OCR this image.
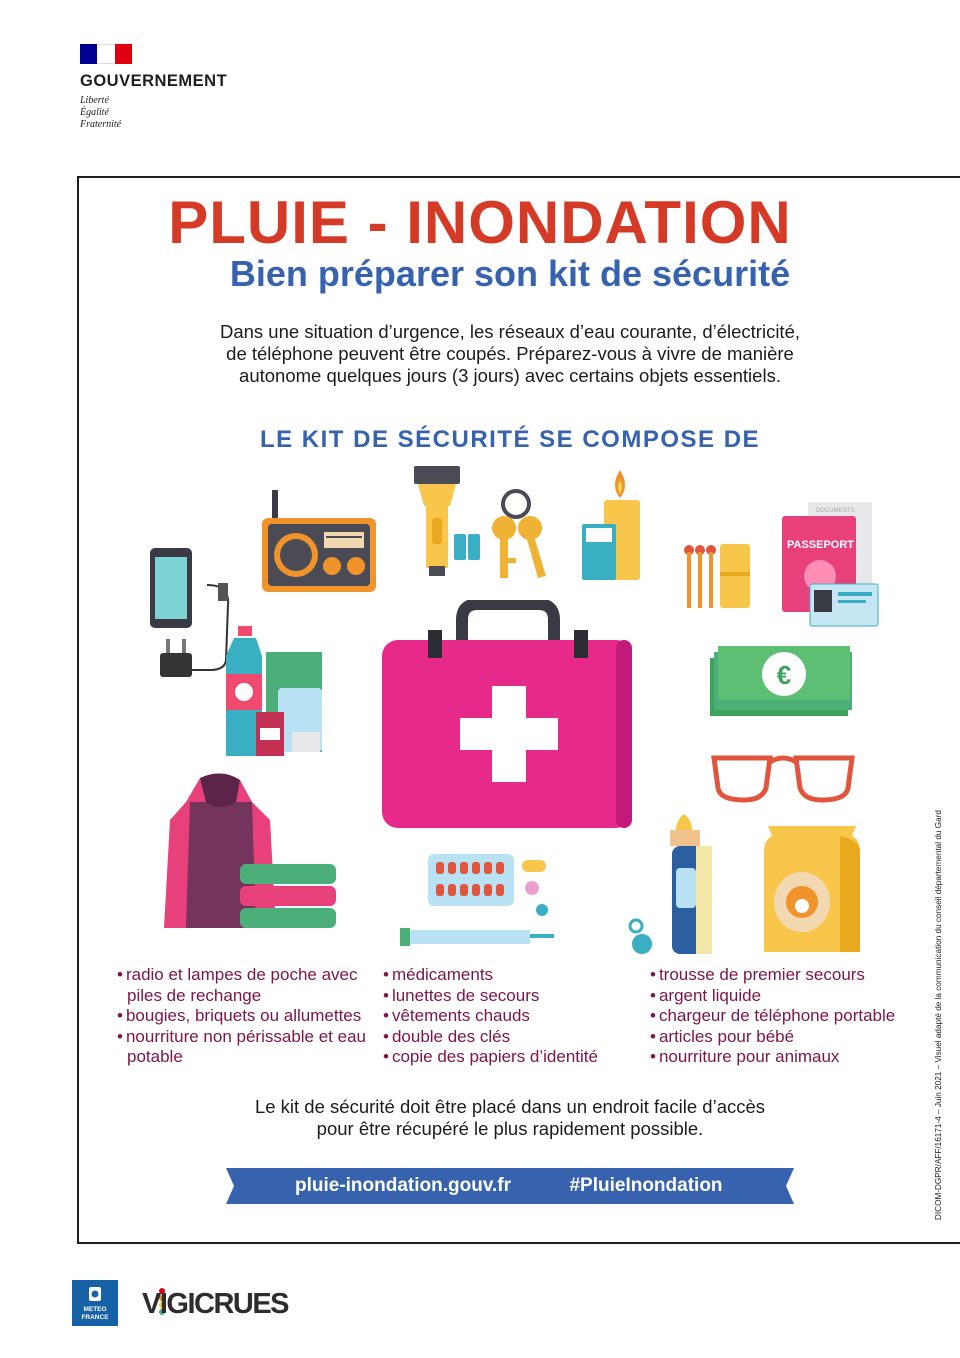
GOUVERNEMENT
Liberté
Égalité
Fraternité
PLUIE - INONDATION
Bien préparer son kit de sécurité
Dans une situation d’urgence, les réseaux d’eau courante, d’électricité,
de téléphone peuvent être coupés. Préparez-vous à vivre de manière
autonome quelques jours (3 jours) avec certains objets essentiels.
LE KIT DE SÉCURITÉ SE COMPOSE DE
DOCUMENTS
PASSEPORT
€
• radio et lampes de poche avec piles de rechange
• bougies, briquets ou allumettes
• nourriture non périssable et eau potable
• médicaments
• lunettes de secours
• vêtements chauds
• double des clés
• copie des papiers d’identité
• trousse de premier secours
• argent liquide
• chargeur de téléphone portable
• articles pour bébé
• nourriture pour animaux
Le kit de sécurité doit être placé dans un endroit facile d’accès
pour être récupéré le plus rapidement possible.
pluie-inondation.gouv.fr	#PluieInondation	DICOM-DGPR/AFF/16171-4 – Juin 2021 – Visuel adapté de la communication du conseil départemental du Gard
METEO
FRANCE	VIGICRUES
